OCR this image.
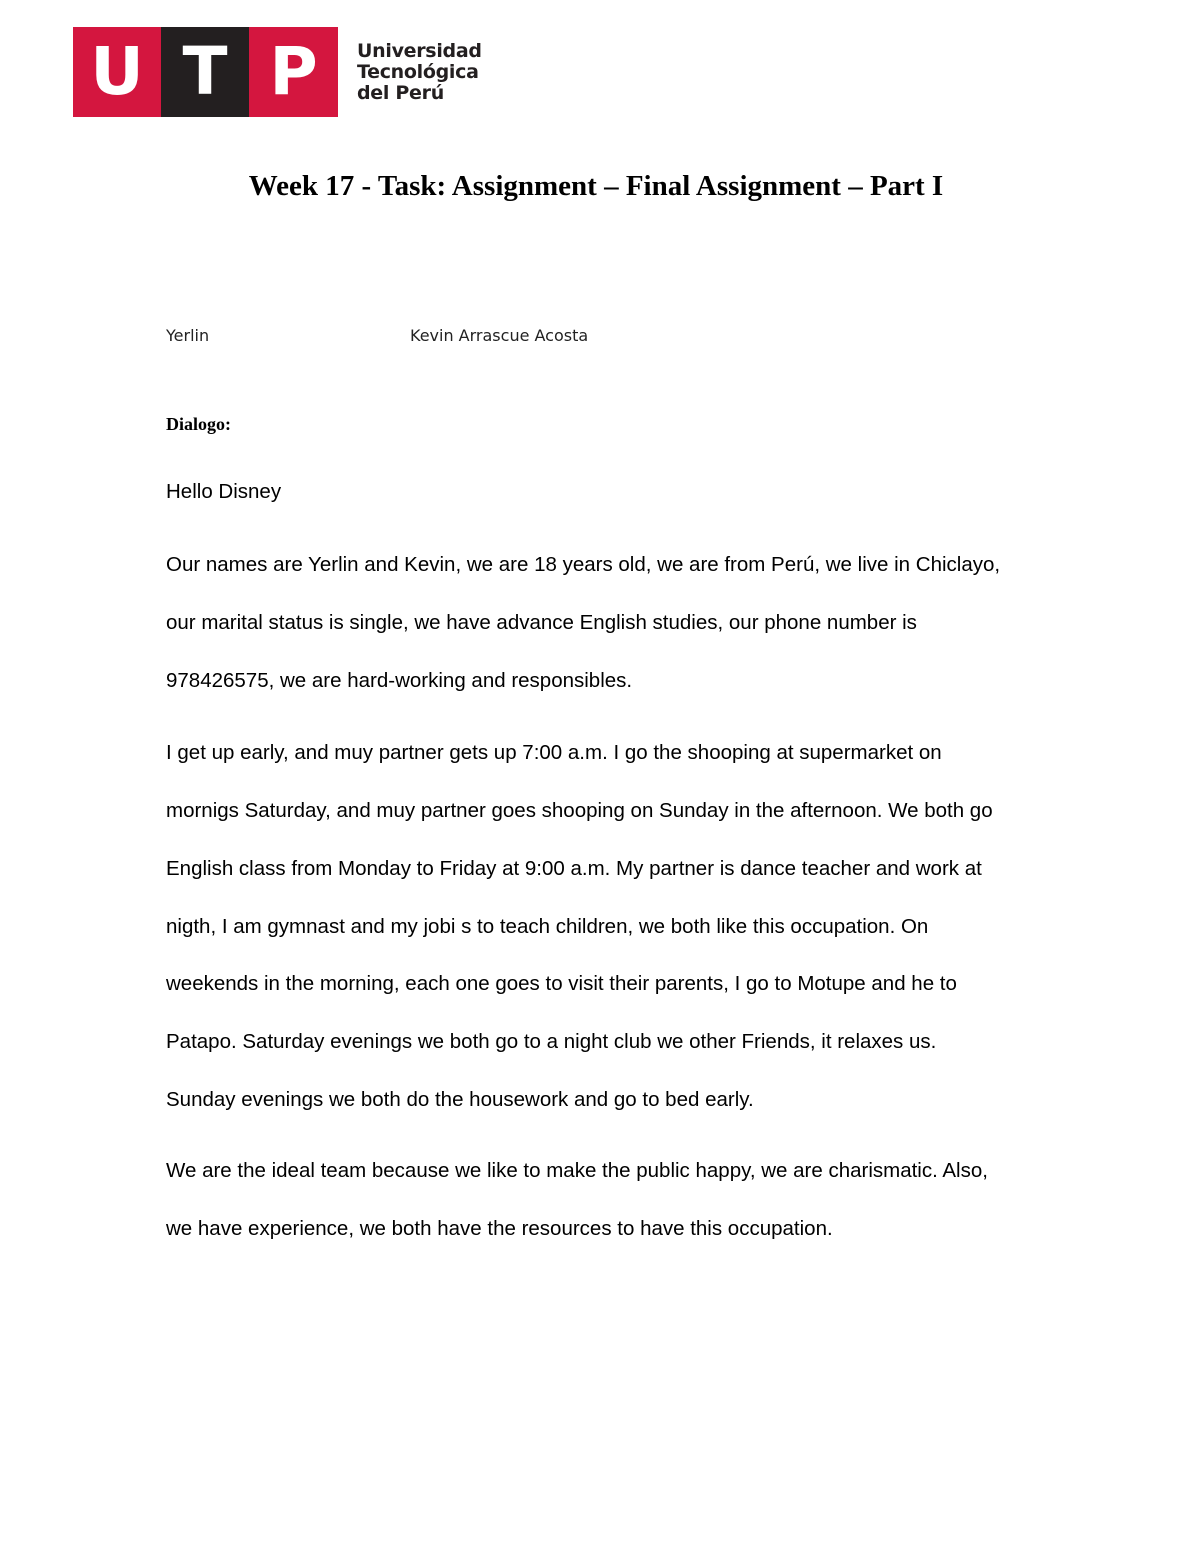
U T P	Universidad
Tecnológica
del Perú
Week 17 - Task: Assignment – Final Assignment – Part I
Yerlin	Kevin Arrascue Acosta
Dialogo:
Hello Disney
Our names are Yerlin and Kevin, we are 18 years old, we are from Perú, we live in Chiclayo,
our marital status is single, we have advance English studies, our phone number is
978426575, we are hard-working and responsibles.
I get up early, and muy partner gets up 7:00 a.m. I go the shooping at supermarket on
mornigs Saturday, and muy partner goes shooping on Sunday in the afternoon. We both go
English class from Monday to Friday at 9:00 a.m. My partner is dance teacher and work at
nigth, I am gymnast and my jobi s to teach children, we both like this occupation. On
weekends in the morning, each one goes to visit their parents, I go to Motupe and he to
Patapo. Saturday evenings we both go to a night club we other Friends, it relaxes us.
Sunday evenings we both do the housework and go to bed early.
We are the ideal team because we like to make the public happy, we are charismatic. Also,
we have experience, we both have the resources to have this occupation.
